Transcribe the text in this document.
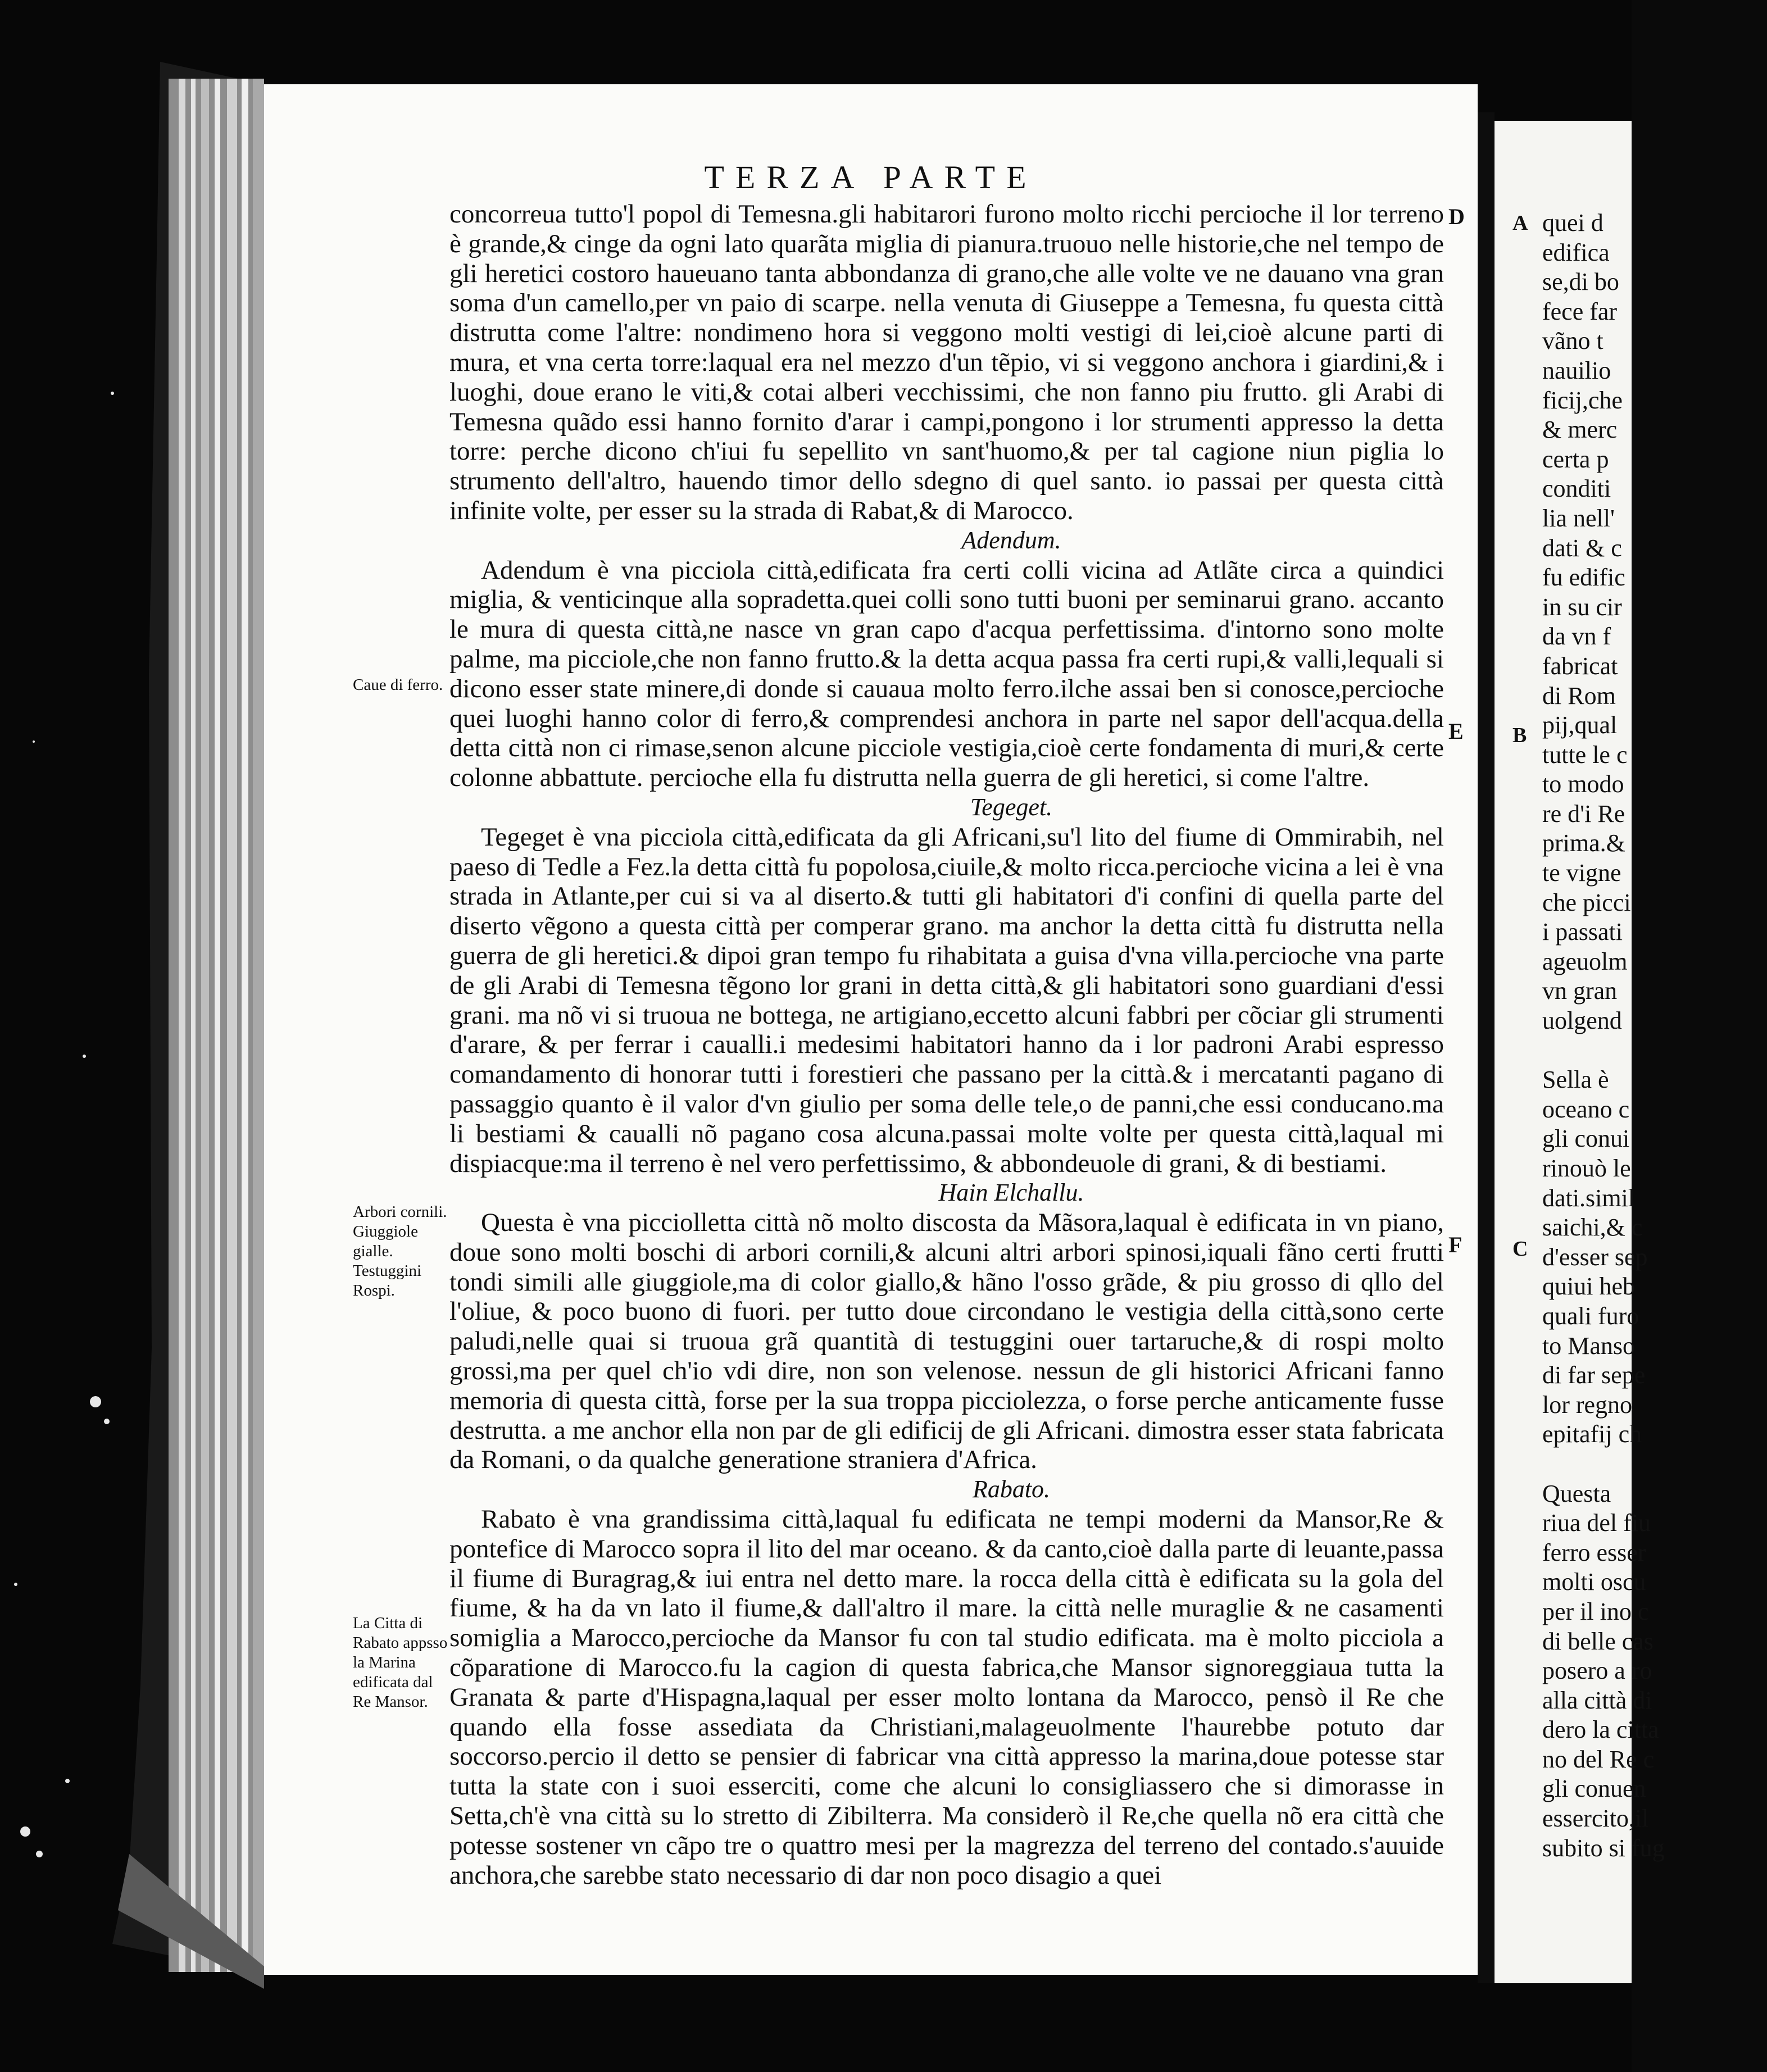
TERZA PARTE
D
E
F
Caue di ferro.
Arbori cornili. Giuggiole gialle. Testuggini Rospi.
La Citta di Rabato appsso la Marina edificata dal Re Mansor.
concorreua tutto'l popol di Temesna.gli habitarori furono molto ricchi percioche il lor terreno è grande,& cinge da ogni lato quarãta miglia di pianura.truouo nelle historie,che nel tempo de gli heretici costoro haueuano tanta abbondanza di grano,che alle volte ve ne dauano vna gran soma d'un camello,per vn paio di scarpe. nella venuta di Giuseppe a Temesna, fu questa città distrutta come l'altre: nondimeno hora si veggono molti vestigi di lei,cioè alcune parti di mura, et vna certa torre:laqual era nel mezzo d'un tẽpio, vi si veggono anchora i giardini,& i luoghi, doue erano le viti,& cotai alberi vecchissimi, che non fanno piu frutto. gli Arabi di Temesna quãdo essi hanno fornito d'arar i campi,pongono i lor strumenti appresso la detta torre: perche dicono ch'iui fu sepellito vn sant'huomo,& per tal cagione niun piglia lo strumento dell'altro, hauendo timor dello sdegno di quel santo. io passai per questa città infinite volte, per esser su la strada di Rabat,& di Marocco.
Adendum.
Adendum è vna picciola città,edificata fra certi colli vicina ad Atlãte circa a quindici miglia, & venticinque alla sopradetta.quei colli sono tutti buoni per seminarui grano. accanto le mura di questa città,ne nasce vn gran capo d'acqua perfettissima. d'intorno sono molte palme, ma picciole,che non fanno frutto.& la detta acqua passa fra certi rupi,& valli,lequali si dicono esser state minere,di donde si cauaua molto ferro.ilche assai ben si conosce,percioche quei luoghi hanno color di ferro,& comprendesi anchora in parte nel sapor dell'acqua.della detta città non ci rimase,senon alcune picciole vestigia,cioè certe fondamenta di muri,& certe colonne abbattute. percioche ella fu distrutta nella guerra de gli heretici, si come l'altre.
Tegeget.
Tegeget è vna picciola città,edificata da gli Africani,su'l lito del fiume di Ommirabih, nel paeso di Tedle a Fez.la detta città fu popolosa,ciuile,& molto ricca.percioche vicina a lei è vna strada in Atlante,per cui si va al diserto.& tutti gli habitatori d'i confini di quella parte del diserto vẽgono a questa città per comperar grano. ma anchor la detta città fu distrutta nella guerra de gli heretici.& dipoi gran tempo fu rihabitata a guisa d'vna villa.percioche vna parte de gli Arabi di Temesna tẽgono lor grani in detta città,& gli habitatori sono guardiani d'essi grani. ma nõ vi si truoua ne bottega, ne artigiano,eccetto alcuni fabbri per cõciar gli strumenti d'arare, & per ferrar i caualli.i medesimi habitatori hanno da i lor padroni Arabi espresso comandamento di honorar tutti i forestieri che passano per la città.& i mercatanti pagano di passaggio quanto è il valor d'vn giulio per soma delle tele,o de panni,che essi conducano.ma li bestiami & caualli nõ pagano cosa alcuna.passai molte volte per questa città,laqual mi dispiacque:ma il terreno è nel vero perfettissimo, & abbondeuole di grani, & di bestiami.
Hain Elchallu.
Questa è vna picciolletta città nõ molto discosta da Mãsora,laqual è edificata in vn piano, doue sono molti boschi di arbori cornili,& alcuni altri arbori spinosi,iquali fãno certi frutti tondi simili alle giuggiole,ma di color giallo,& hãno l'osso grãde, & piu grosso di qllo del l'oliue, & poco buono di fuori. per tutto doue circondano le vestigia della città,sono certe paludi,nelle quai si truoua grã quantità di testuggini ouer tartaruche,& di rospi molto grossi,ma per quel ch'io vdi dire, non son velenose. nessun de gli historici Africani fanno memoria di questa città, forse per la sua troppa picciolezza, o forse perche anticamente fusse destrutta. a me anchor ella non par de gli edificij de gli Africani. dimostra esser stata fabricata da Romani, o da qualche generatione straniera d'Africa.
Rabato.
Rabato è vna grandissima città,laqual fu edificata ne tempi moderni da Mansor,Re & pontefice di Marocco sopra il lito del mar oceano. & da canto,cioè dalla parte di leuante,passa il fiume di Buragrag,& iui entra nel detto mare. la rocca della città è edificata su la gola del fiume, & ha da vn lato il fiume,& dall'altro il mare. la città nelle muraglie & ne casamenti somiglia a Marocco,percioche da Mansor fu con tal studio edificata. ma è molto picciola a cõparatione di Marocco.fu la cagion di questa fabrica,che Mansor signoreggiaua tutta la Granata & parte d'Hispagna,laqual per esser molto lontana da Marocco, pensò il Re che quando ella fosse assediata da Christiani,malageuolmente l'haurebbe potuto dar soccorso.percio il detto se pensier di fabricar vna città appresso la marina,doue potesse star tutta la state con i suoi esserciti, come che alcuni lo consigliassero che si dimorasse in Setta,ch'è vna città su lo stretto di Zibilterra. Ma considerò il Re,che quella nõ era città che potesse sostener vn cãpo tre o quattro mesi per la magrezza del terreno del contado.s'auuide anchora,che sarebbe stato necessario di dar non poco disagio a quei
A
B
C
quei d
edifica
se,di bo
fece far
vãno t
nauilio
ficij,che
& merc
certa p
conditi
lia nell'
dati & c
fu edific
in su cir
da vn f
fabricat
di Rom
pij,qual
tutte le c
to modo
re d'i Re
prima.&
te vigne
che picci
i passati
ageuolm
vn gran
uolgend
Sella è
oceano c
gli conui
rinouò le
dati.simil
saichi,& c
d'esser sep
quiui heb
quali furo
to Manso
di far sepe
lor regno
epitafij ch
Questa
riua del fiu
ferro esser
molti oscu
per il ino c
di belle cas
posero a ro
alla città di
dero la citta
no del Re c
gli conuen
essercito,il
subito si fug
